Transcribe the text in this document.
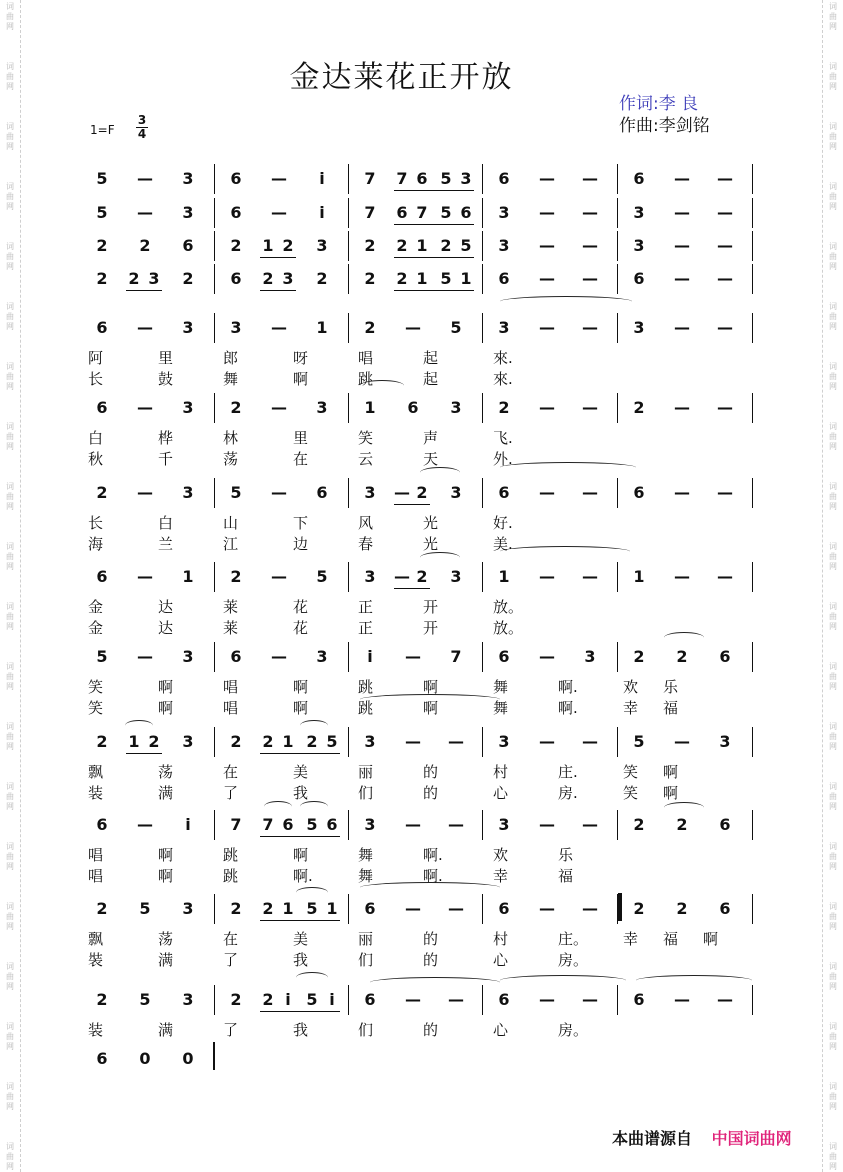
词
曲
网
词
曲
网
词
曲
网
词
曲
网
词
曲
网
词
曲
网
词
曲
网
词
曲
网
词
曲
网
词
曲
网
词
曲
网
词
曲
网
词
曲
网
词
曲
网
词
曲
网
词
曲
网
词
曲
网
词
曲
网
词
曲
网
词
曲
网
词
曲
网
词
曲
网
词
曲
网
词
曲
网
词
曲
网
词
曲
网
词
曲
网
词
曲
网
词
曲
网
词
曲
网
词
曲
网
词
曲
网
词
曲
网
词
曲
网
词
曲
网
词
曲
网
词
曲
网
词
曲
网
词
曲
网
词
曲
网
金达莱花正开放
作词:李 良
作曲:李剑铭
1=F
3
4
5	—	3	6	—	i	7	7 6 5 3	6	— —	6	— —
5	—	3	6	—	i	7	6 7 5 6	3	— —	3	— —
2	2	6	2	1 2	3	2	2 1 2 5	3	— —	3	— —
2	2 3	2	6	2 3	2	2	2 1 5 1	6	— —	6	— —
6	—	3	3	—	1	2	—	5	3	— —	3	— —
阿	里	郎	呀	唱	起	來.
长	鼓	舞	啊	跳	起	來.
6	—	3	2	—	3	1	6	3	2	— —	2	— —
白	桦	林	里	笑	声	飞.
秋	千	荡	在	云	天	外.
2	—	3	5	—	6	3	— 2	3	6	— —	6	— —
长	白	山	下	风	光	好.
海	兰	江	边	春	光	美.
6	—	1	2	—	5	3	— 2	3	1	— —	1	— —
金	达	莱	花	正	开	放。
金	达	莱	花	正	开	放。
5	—	3	6	—	3	i	—	7	6	—	3	2	2	6
笑	啊	唱	啊	跳	啊	舞	啊.	欢 乐
笑	啊	唱	啊	跳	啊	舞	啊.	幸 福
2	1 2	3	2	2 1 2 5	3	— —	3	— —	5	—	3
飘	荡	在	美	丽	的	村	庄.	笑 啊
装	满	了	我	们	的	心	房.	笑 啊
6	—	i	7	7 6 5 6	3	— —	3	— —	2	2	6
唱	啊	跳	啊	舞	啊.	欢	乐
唱	啊	跳	啊.	舞	啊.	幸	福
2	5	3	2	2 1 5 1	6	— —	6	— —	2	2	6
飘	荡	在	美	丽	的	村	庄。 幸 福 啊
裝	满	了	我	们	的	心	房。
2	5	3	2	2 i 5 i	6	— —	6	— —	6	— —
装	满	了	我	们	的	心	房。
6	0	0
本曲谱源自 中国词曲网
